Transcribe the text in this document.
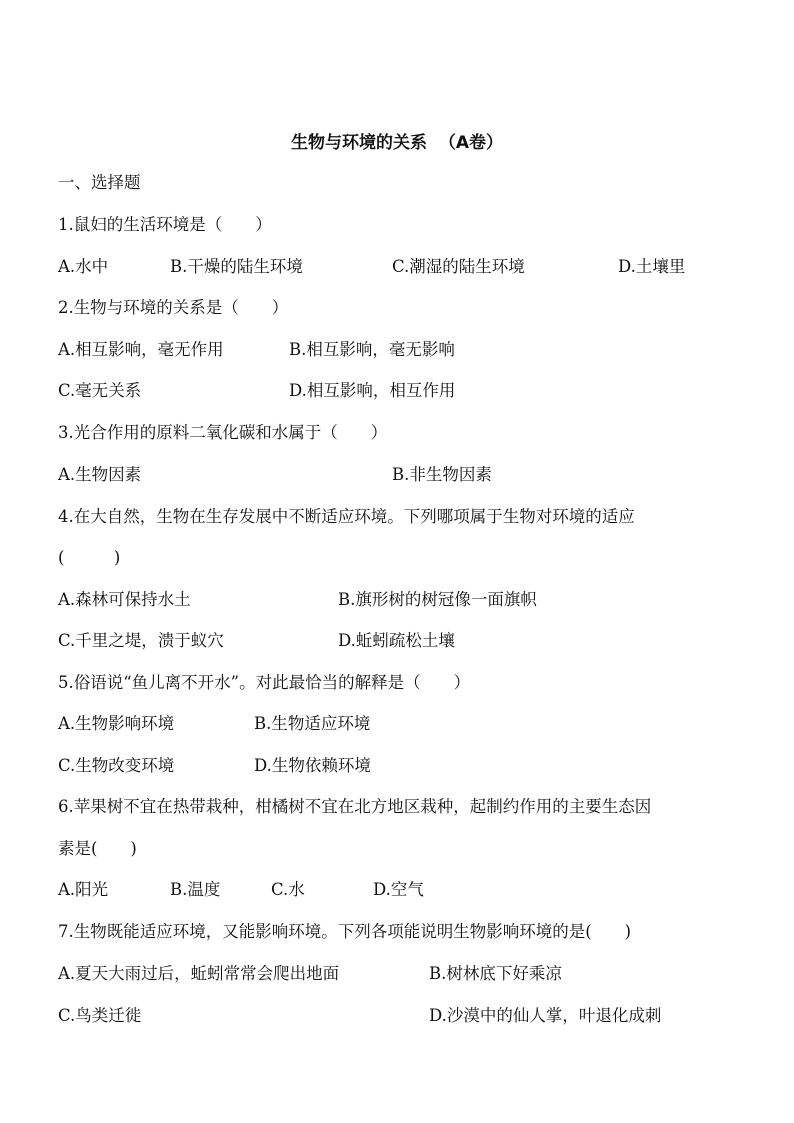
生物与环境的关系  （A卷）
一、选择题
1.鼠妇的生活环境是（　　）
A.水中	B.干燥的陆生环境	C.潮湿的陆生环境	D.土壤里
2.生物与环境的关系是（　　）
A.相互影响，毫无作用	B.相互影响，毫无影响
C.毫无关系	D.相互影响，相互作用
3.光合作用的原料二氧化碳和水属于（　　）
A.生物因素	B.非生物因素
4.在大自然，生物在生存发展中不断适应环境。下列哪项属于生物对环境的适应
(　　　)
A.森林可保持水土	B.旗形树的树冠像一面旗帜
C.千里之堤，溃于蚁穴	D.蚯蚓疏松土壤
5.俗语说“鱼儿离不开水”。对此最恰当的解释是（　　）
A.生物影响环境	B.生物适应环境
C.生物改变环境	D.生物依赖环境
6.苹果树不宜在热带栽种，柑橘树不宜在北方地区栽种，起制约作用的主要生态因
素是(　　)
A.阳光	B.温度	C.水	D.空气
7.生物既能适应环境，又能影响环境。下列各项能说明生物影响环境的是(　　)
A.夏天大雨过后，蚯蚓常常会爬出地面	B.树林底下好乘凉
C.鸟类迁徙	D.沙漠中的仙人掌，叶退化成刺
